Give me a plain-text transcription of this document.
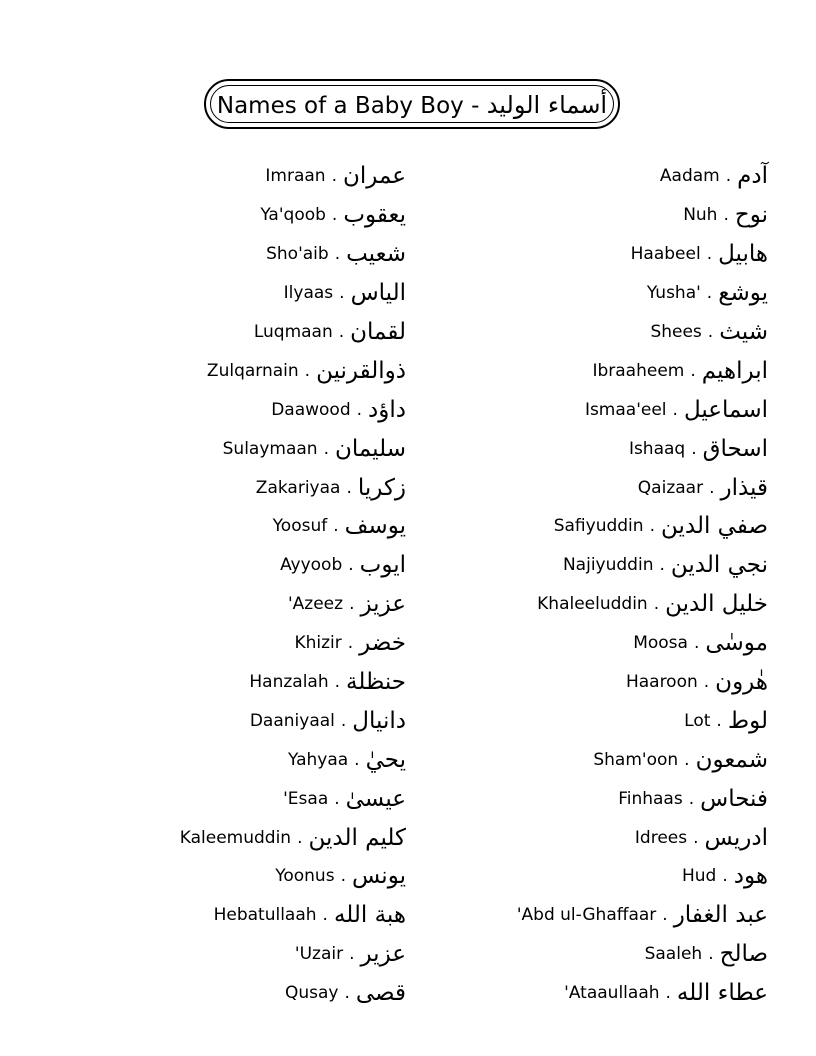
Names of a Baby Boy - أسماء الوليد
Imraan . عمران
Ya'qoob . يعقوب
Sho'aib . شعيب
Ilyaas . الياس
Luqmaan . لقمان
Zulqarnain . ذوالقرنين
Daawood . داؤد
Sulaymaan . سليمان
Zakariyaa . زكريا
Yoosuf . يوسف
Ayyoob . ايوب
'Azeez . عزيز
Khizir . خضر
Hanzalah . حنظلة
Daaniyaal . دانيال
Yahyaa . يحيٰ
'Esaa . عيسىٰ
Kaleemuddin . كليم الدين
Yoonus . يونس
Hebatullaah . هبة الله
'Uzair . عزير
Qusay . قصى
Aadam . آدم
Nuh . نوح
Haabeel . هابيل
Yusha' . يوشع
Shees . شيث
Ibraaheem . ابراهيم
Ismaa'eel . اسماعيل
Ishaaq . اسحاق
Qaizaar . قيذار
Safiyuddin . صفي الدين
Najiyuddin . نجي الدين
Khaleeluddin . خليل الدين
Moosa . موسٰى
Haaroon . هٰرون
Lot . لوط
Sham'oon . شمعون
Finhaas . فنحاس
Idrees . ادريس
Hud . هود
'Abd ul-Ghaffaar . عبد الغفار
Saaleh . صالح
'Ataaullaah . عطاء الله
